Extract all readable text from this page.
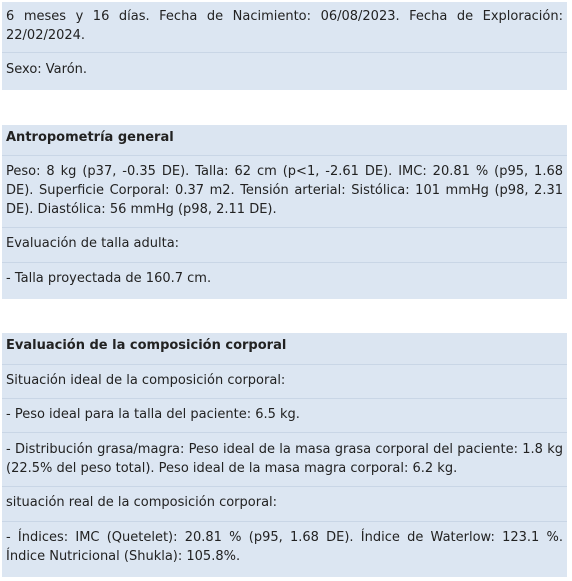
6 meses y 16 días. Fecha de Nacimiento: 06/08/2023. Fecha de Exploración: 22/02/2024.
Sexo: Varón.
Antropometría general
Peso: 8 kg (p37, -0.35 DE). Talla: 62 cm (p<1, -2.61 DE). IMC: 20.81 % (p95, 1.68 DE). Superficie Corporal: 0.37 m2. Tensión arterial: Sistólica: 101 mmHg (p98, 2.31 DE). Diastólica: 56 mmHg (p98, 2.11 DE).
Evaluación de talla adulta:
- Talla proyectada de 160.7 cm.
Evaluación de la composición corporal
Situación ideal de la composición corporal:
- Peso ideal para la talla del paciente: 6.5 kg.
- Distribución grasa/magra: Peso ideal de la masa grasa corporal del paciente: 1.8 kg (22.5% del peso total). Peso ideal de la masa magra corporal: 6.2 kg.
situación real de la composición corporal:
- Índices: IMC (Quetelet): 20.81 % (p95, 1.68 DE). Índice de Waterlow: 123.1 %. Índice Nutricional (Shukla): 105.8%.
